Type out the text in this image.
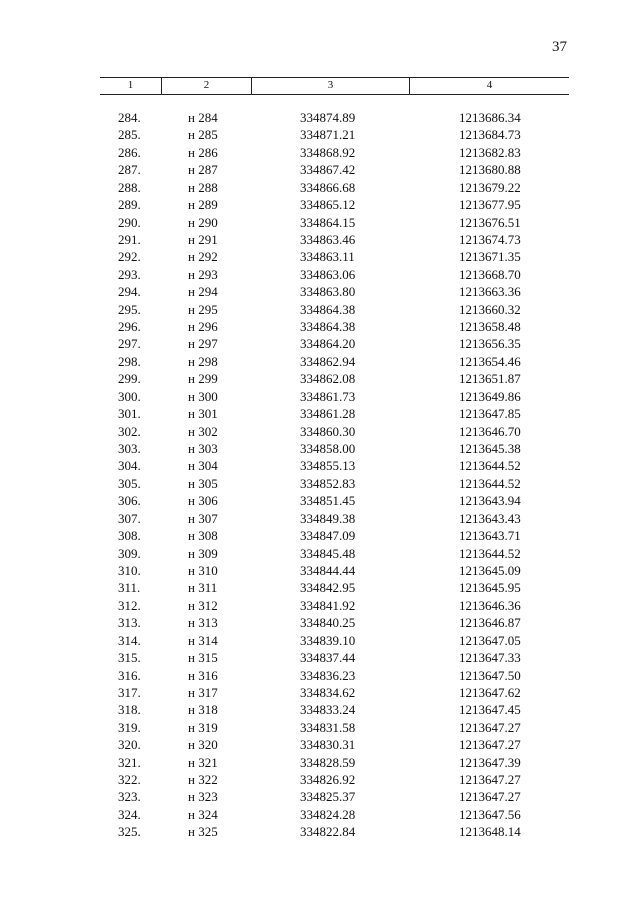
37
1	2	3	4
284.	н 284	334874.89	1213686.34
285.	н 285	334871.21	1213684.73
286.	н 286	334868.92	1213682.83
287.	н 287	334867.42	1213680.88
288.	н 288	334866.68	1213679.22
289.	н 289	334865.12	1213677.95
290.	н 290	334864.15	1213676.51
291.	н 291	334863.46	1213674.73
292.	н 292	334863.11	1213671.35
293.	н 293	334863.06	1213668.70
294.	н 294	334863.80	1213663.36
295.	н 295	334864.38	1213660.32
296.	н 296	334864.38	1213658.48
297.	н 297	334864.20	1213656.35
298.	н 298	334862.94	1213654.46
299.	н 299	334862.08	1213651.87
300.	н 300	334861.73	1213649.86
301.	н 301	334861.28	1213647.85
302.	н 302	334860.30	1213646.70
303.	н 303	334858.00	1213645.38
304.	н 304	334855.13	1213644.52
305.	н 305	334852.83	1213644.52
306.	н 306	334851.45	1213643.94
307.	н 307	334849.38	1213643.43
308.	н 308	334847.09	1213643.71
309.	н 309	334845.48	1213644.52
310.	н 310	334844.44	1213645.09
311.	н 311	334842.95	1213645.95
312.	н 312	334841.92	1213646.36
313.	н 313	334840.25	1213646.87
314.	н 314	334839.10	1213647.05
315.	н 315	334837.44	1213647.33
316.	н 316	334836.23	1213647.50
317.	н 317	334834.62	1213647.62
318.	н 318	334833.24	1213647.45
319.	н 319	334831.58	1213647.27
320.	н 320	334830.31	1213647.27
321.	н 321	334828.59	1213647.39
322.	н 322	334826.92	1213647.27
323.	н 323	334825.37	1213647.27
324.	н 324	334824.28	1213647.56
325.	н 325	334822.84	1213648.14
